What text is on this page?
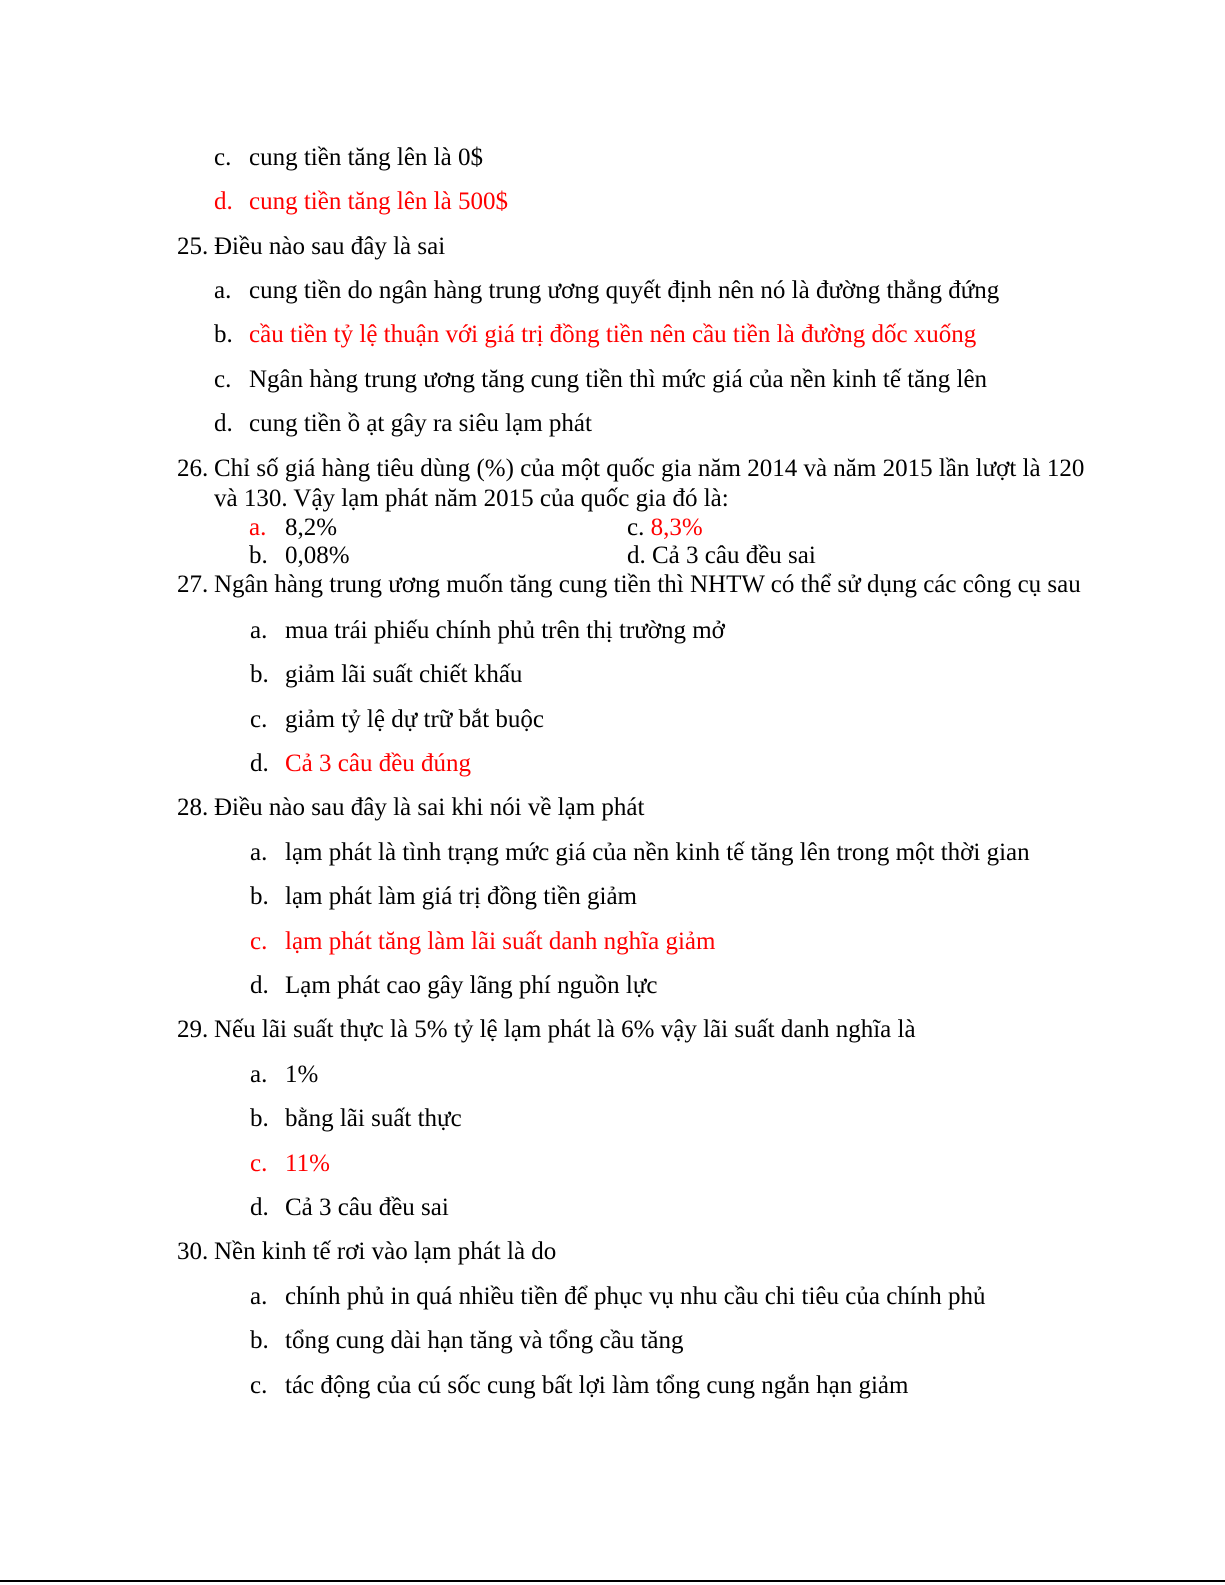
c. cung tiền tăng lên là 0$
d. cung tiền tăng lên là 500$
25. Điều nào sau đây là sai
a. cung tiền do ngân hàng trung ương quyết định nên nó là đường thẳng đứng
b. cầu tiền tỷ lệ thuận với giá trị đồng tiền nên cầu tiền là đường dốc xuống
c. Ngân hàng trung ương tăng cung tiền thì mức giá của nền kinh tế tăng lên
d. cung tiền ồ ạt gây ra siêu lạm phát
26. Chỉ số giá hàng tiêu dùng (%) của một quốc gia năm 2014 và năm 2015 lần lượt là 120
và 130. Vậy lạm phát năm 2015 của quốc gia đó là:
a. 8,2%	c. 8,3%
b. 0,08%	d. Cả 3 câu đều sai
27. Ngân hàng trung ương muốn tăng cung tiền thì NHTW có thể sử dụng các công cụ sau
a. mua trái phiếu chính phủ trên thị trường mở
b. giảm lãi suất chiết khấu
c. giảm tỷ lệ dự trữ bắt buộc
d. Cả 3 câu đều đúng
28. Điều nào sau đây là sai khi nói về lạm phát
a. lạm phát là tình trạng mức giá của nền kinh tế tăng lên trong một thời gian
b. lạm phát làm giá trị đồng tiền giảm
c. lạm phát tăng làm lãi suất danh nghĩa giảm
d. Lạm phát cao gây lãng phí nguồn lực
29. Nếu lãi suất thực là 5% tỷ lệ lạm phát là 6% vậy lãi suất danh nghĩa là
a. 1%
b. bằng lãi suất thực
c. 11%
d. Cả 3 câu đều sai
30. Nền kinh tế rơi vào lạm phát là do
a. chính phủ in quá nhiều tiền để phục vụ nhu cầu chi tiêu của chính phủ
b. tổng cung dài hạn tăng và tổng cầu tăng
c. tác động của cú sốc cung bất lợi làm tổng cung ngắn hạn giảm
